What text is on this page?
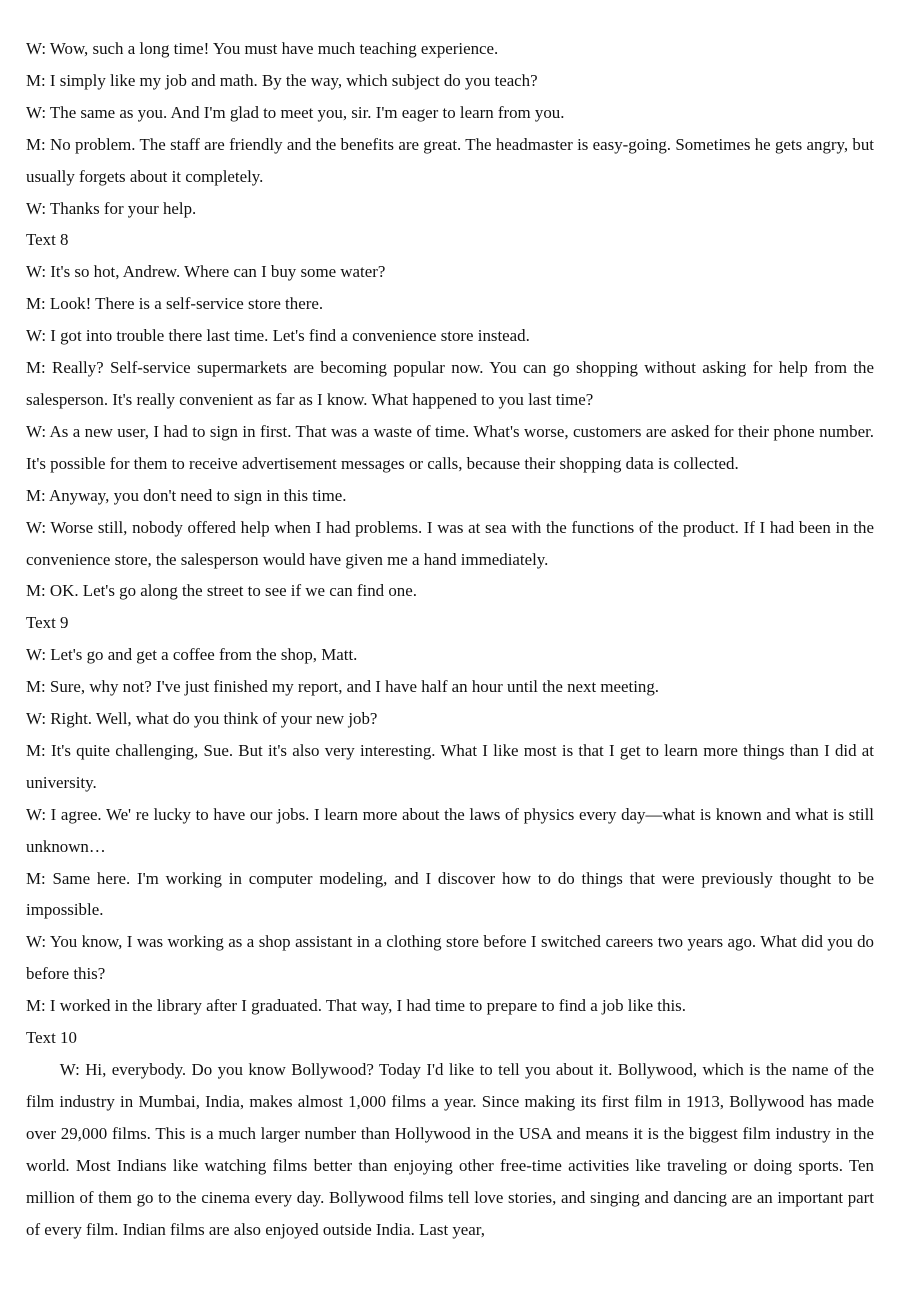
W: Wow, such a long time! You must have much teaching experience.

M: I simply like my job and math. By the way, which subject do you teach?

W: The same as you. And I'm glad to meet you, sir. I'm eager to learn from you.

M: No problem. The staff are friendly and the benefits are great. The headmaster is easy-going. Sometimes he gets angry, but usually forgets about it completely.

W: Thanks for your help.

Text 8

W: It's so hot, Andrew. Where can I buy some water?

M: Look! There is a self-service store there.

W: I got into trouble there last time. Let's find a convenience store instead.

M: Really? Self-service supermarkets are becoming popular now. You can go shopping without asking for help from the salesperson. It's really convenient as far as I know. What happened to you last time?

W: As a new user, I had to sign in first. That was a waste of time. What's worse, customers are asked for their phone number. It's possible for them to receive advertisement messages or calls, because their shopping data is collected.

M: Anyway, you don't need to sign in this time.

W: Worse still, nobody offered help when I had problems. I was at sea with the functions of the product. If I had been in the convenience store, the salesperson would have given me a hand immediately.

M: OK. Let's go along the street to see if we can find one.

Text 9

W: Let's go and get a coffee from the shop, Matt.

M: Sure, why not? I've just finished my report, and I have half an hour until the next meeting.

W: Right. Well, what do you think of your new job?

M: It's quite challenging, Sue. But it's also very interesting. What I like most is that I get to learn more things than I did at university.

W: I agree. We' re lucky to have our jobs. I learn more about the laws of physics every day—what is known and what is still unknown…

M: Same here. I'm working in computer modeling, and I discover how to do things that were previously thought to be impossible.

W: You know, I was working as a shop assistant in a clothing store before I switched careers two years ago. What did you do before this?

M: I worked in the library after I graduated. That way, I had time to prepare to find a job like this.

Text 10

W: Hi, everybody. Do you know Bollywood? Today I'd like to tell you about it. Bollywood, which is the name of the film industry in Mumbai, India, makes almost 1,000 films a year. Since making its first film in 1913, Bollywood has made over 29,000 films. This is a much larger number than Hollywood in the USA and means it is the biggest film industry in the world. Most Indians like watching films better than enjoying other free-time activities like traveling or doing sports. Ten million of them go to the cinema every day. Bollywood films tell love stories, and singing and dancing are an important part of every film. Indian films are also enjoyed outside India. Last year,
